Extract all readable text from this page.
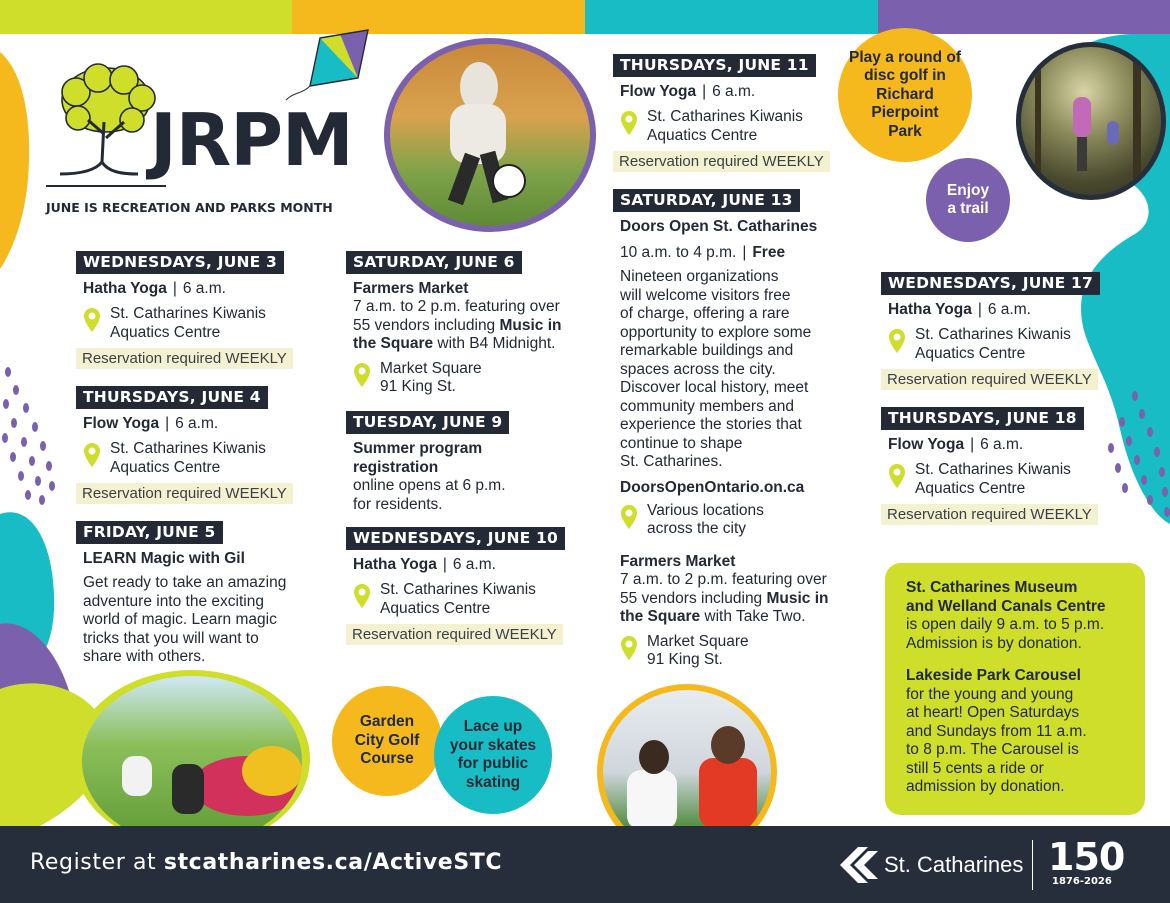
JRPM
JUNE IS RECREATION AND PARKS MONTH
WEDNESDAYS, JUNE 3
Hatha Yoga | 6 a.m.
St. Catharines Kiwanis
Aquatics Centre
Reservation required WEEKLY
THURSDAYS, JUNE 4
Flow Yoga | 6 a.m.
St. Catharines Kiwanis
Aquatics Centre
Reservation required WEEKLY
FRIDAY, JUNE 5
LEARN Magic with Gil
Get ready to take an amazing
adventure into the exciting
world of magic. Learn magic
tricks that you will want to
share with others.
SATURDAY, JUNE 6
Farmers Market
7 a.m. to 2 p.m. featuring over
55 vendors including Music in
the Square with B4 Midnight.
Market Square
91 King St.
TUESDAY, JUNE 9
Summer program
registration
online opens at 6 p.m.
for residents.
WEDNESDAYS, JUNE 10
Hatha Yoga | 6 a.m.
St. Catharines Kiwanis
Aquatics Centre
Reservation required WEEKLY
THURSDAYS, JUNE 11
Flow Yoga | 6 a.m.
St. Catharines Kiwanis
Aquatics Centre
Reservation required WEEKLY
SATURDAY, JUNE 13
Doors Open St. Catharines
10 a.m. to 4 p.m. | Free
Nineteen organizations
will welcome visitors free
of charge, offering a rare
opportunity to explore some
remarkable buildings and
spaces across the city.
Discover local history, meet
community members and
experience the stories that
continue to shape
St. Catharines.
DoorsOpenOntario.on.ca
Various locations
across the city
Farmers Market
7 a.m. to 2 p.m. featuring over
55 vendors including Music in
the Square with Take Two.
Market Square
91 King St.
WEDNESDAYS, JUNE 17
Hatha Yoga | 6 a.m.
St. Catharines Kiwanis
Aquatics Centre
Reservation required WEEKLY
THURSDAYS, JUNE 18
Flow Yoga | 6 a.m.
St. Catharines Kiwanis
Aquatics Centre
Reservation required WEEKLY
Play a round of
disc golf in
Richard
Pierpoint
Park
Enjoy
a trail
Garden
City Golf
Course
Lace up
your skates
for public
skating

St. Catharines Museum
and Welland Canals Centre
is open daily 9 a.m. to 5 p.m.
Admission is by donation.

Lakeside Park Carousel
for the young and young
at heart! Open Saturdays
and Sundays from 11 a.m.
to 8 p.m. The Carousel is
still 5 cents a ride or
admission by donation.

Register at stcatharines.ca/ActiveSTC	St. Catharines 150
1876-2026
